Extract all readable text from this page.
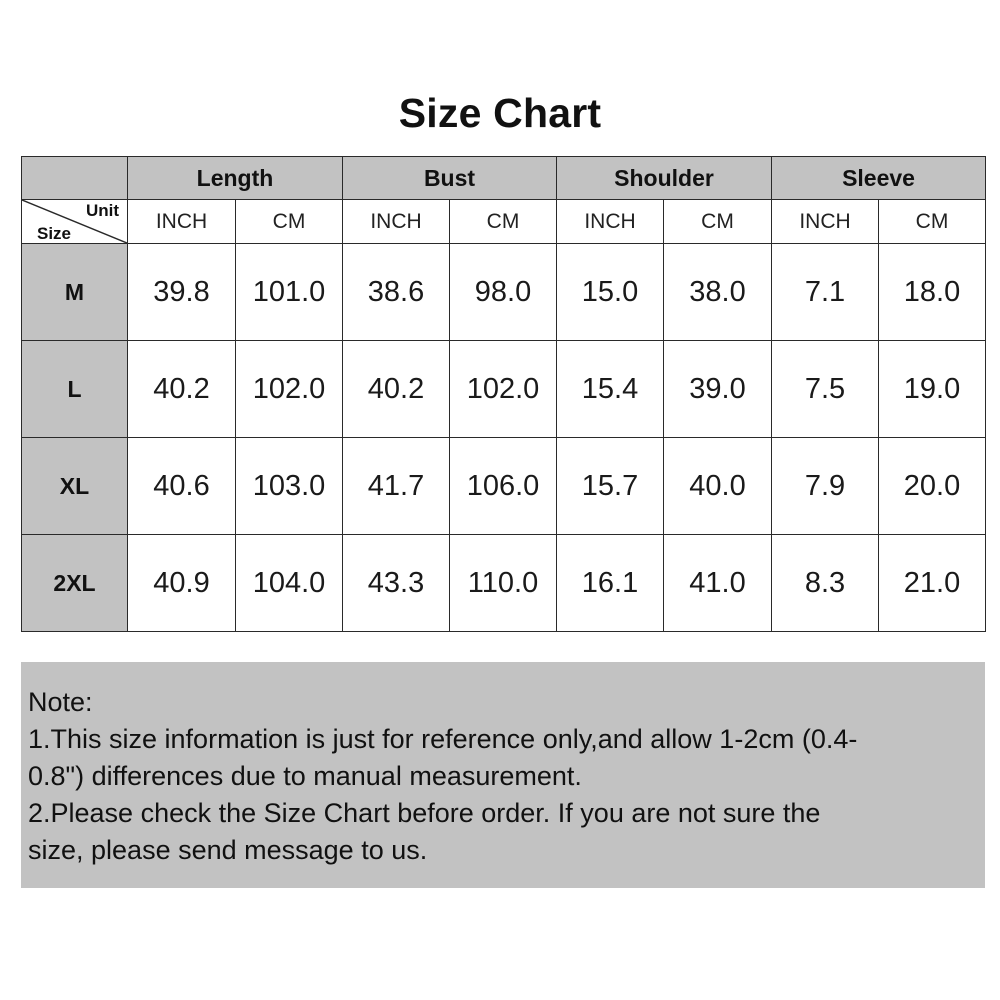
Size Chart
	Length		Bust		Shoulder		Sleeve	

Unit
Size	INCH	CM	INCH	CM	INCH	CM	INCH	CM
M	39.8	101.0	38.6	98.0	15.0	38.0	7.1	18.0
L	40.2	102.0	40.2	102.0	15.4	39.0	7.5	19.0
XL	40.6	103.0	41.7	106.0	15.7	40.0	7.9	20.0
2XL	40.9	104.0	43.3	110.0	16.1	41.0	8.3	21.0
Note:
1.This size information is just for reference only,and allow 1-2cm (0.4-
0.8") differences due to manual measurement.
2.Please check the Size Chart before order. If you are not sure the
size, please send message to us.
